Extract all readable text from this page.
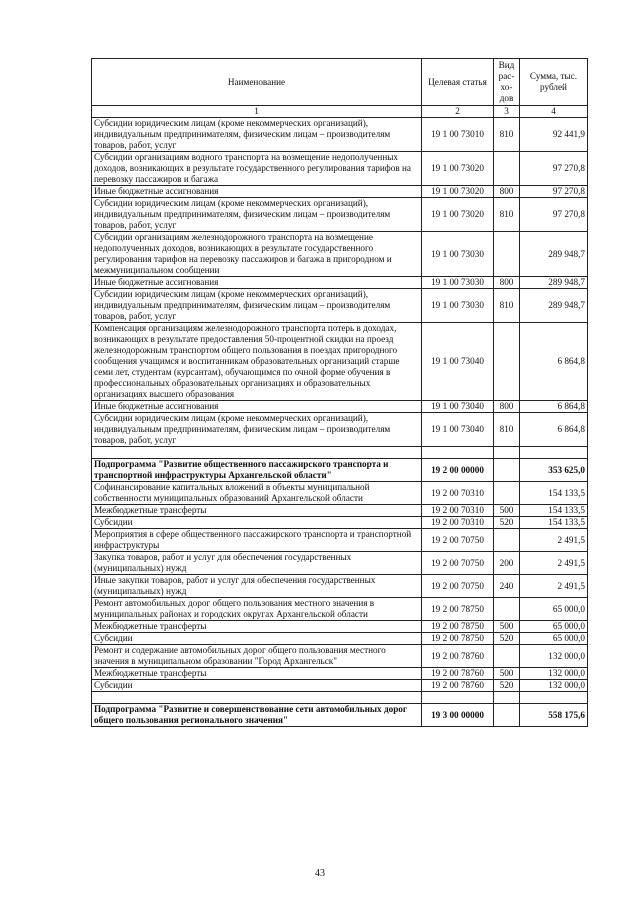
Наименование	Целевая статья	Вид рас-хо-дов	Сумма, тыс. рублей
1	2	3	4
Субсидии юридическим лицам (кроме некоммерческих организаций), индивидуальным предпринимателям, физическим лицам – производителям товаров, работ, услуг	19 1 00 73010	810	92 441,9
Субсидии организациям водного транспорта на возмещение недополученных доходов, возникающих в результате государственного регулирования тарифов на перевозку пассажиров и багажа	19 1 00 73020		97 270,8
Иные бюджетные ассигнования	19 1 00 73020	800	97 270,8
Субсидии юридическим лицам (кроме некоммерческих организаций), индивидуальным предпринимателям, физическим лицам – производителям товаров, работ, услуг	19 1 00 73020	810	97 270,8
Субсидии организациям железнодорожного транспорта на возмещение недополученных доходов, возникающих в результате государственного регулирования тарифов на перевозку пассажиров и багажа в пригородном и межмуниципальном сообщении	19 1 00 73030		289 948,7
Иные бюджетные ассигнования	19 1 00 73030	800	289 948,7
Субсидии юридическим лицам (кроме некоммерческих организаций), индивидуальным предпринимателям, физическим лицам – производителям товаров, работ, услуг	19 1 00 73030	810	289 948,7
Компенсация организациям железнодорожного транспорта потерь в доходах, возникающих в результате предоставления 50-процентной скидки на проезд железнодорожным транспортом общего пользования в поездах пригородного сообщения учащимся и воспитанникам образовательных организаций старше семи лет, студентам (курсантам), обучающимся по очной форме обучения в профессиональных образовательных организациях и образовательных организациях высшего образования	19 1 00 73040		6 864,8
Иные бюджетные ассигнования	19 1 00 73040	800	6 864,8
Субсидии юридическим лицам (кроме некоммерческих организаций), индивидуальным предпринимателям, физическим лицам – производителям товаров, работ, услуг	19 1 00 73040	810	6 864,8

Подпрограмма "Развитие общественного пассажирского транспорта и транспортной инфраструктуры Архангельской области"	19 2 00 00000		353 625,0
Софинансирование капитальных вложений в объекты муниципальной собственности муниципальных образований Архангельской области	19 2 00 70310		154 133,5
Межбюджетные трансферты	19 2 00 70310	500	154 133,5
Субсидии	19 2 00 70310	520	154 133,5
Мероприятия в сфере общественного пассажирского транспорта и транспортной инфраструктуры	19 2 00 70750		2 491,5
Закупка товаров, работ и услуг для обеспечения государственных (муниципальных) нужд	19 2 00 70750	200	2 491,5
Иные закупки товаров, работ и услуг для обеспечения государственных (муниципальных) нужд	19 2 00 70750	240	2 491,5
Ремонт автомобильных дорог общего пользования местного значения в муниципальных районах и городских округах Архангельской области	19 2 00 78750		65 000,0
Межбюджетные трансферты	19 2 00 78750	500	65 000,0
Субсидии	19 2 00 78750	520	65 000,0
Ремонт и содержание автомобильных дорог общего пользования местного значения в муниципальном образовании "Город Архангельск"	19 2 00 78760		132 000,0
Межбюджетные трансферты	19 2 00 78760	500	132 000,0
Субсидии	19 2 00 78760	520	132 000,0

Подпрограмма "Развитие и совершенствование сети автомобильных дорог общего пользования регионального значения"	19 3 00 00000		558 175,6
43
